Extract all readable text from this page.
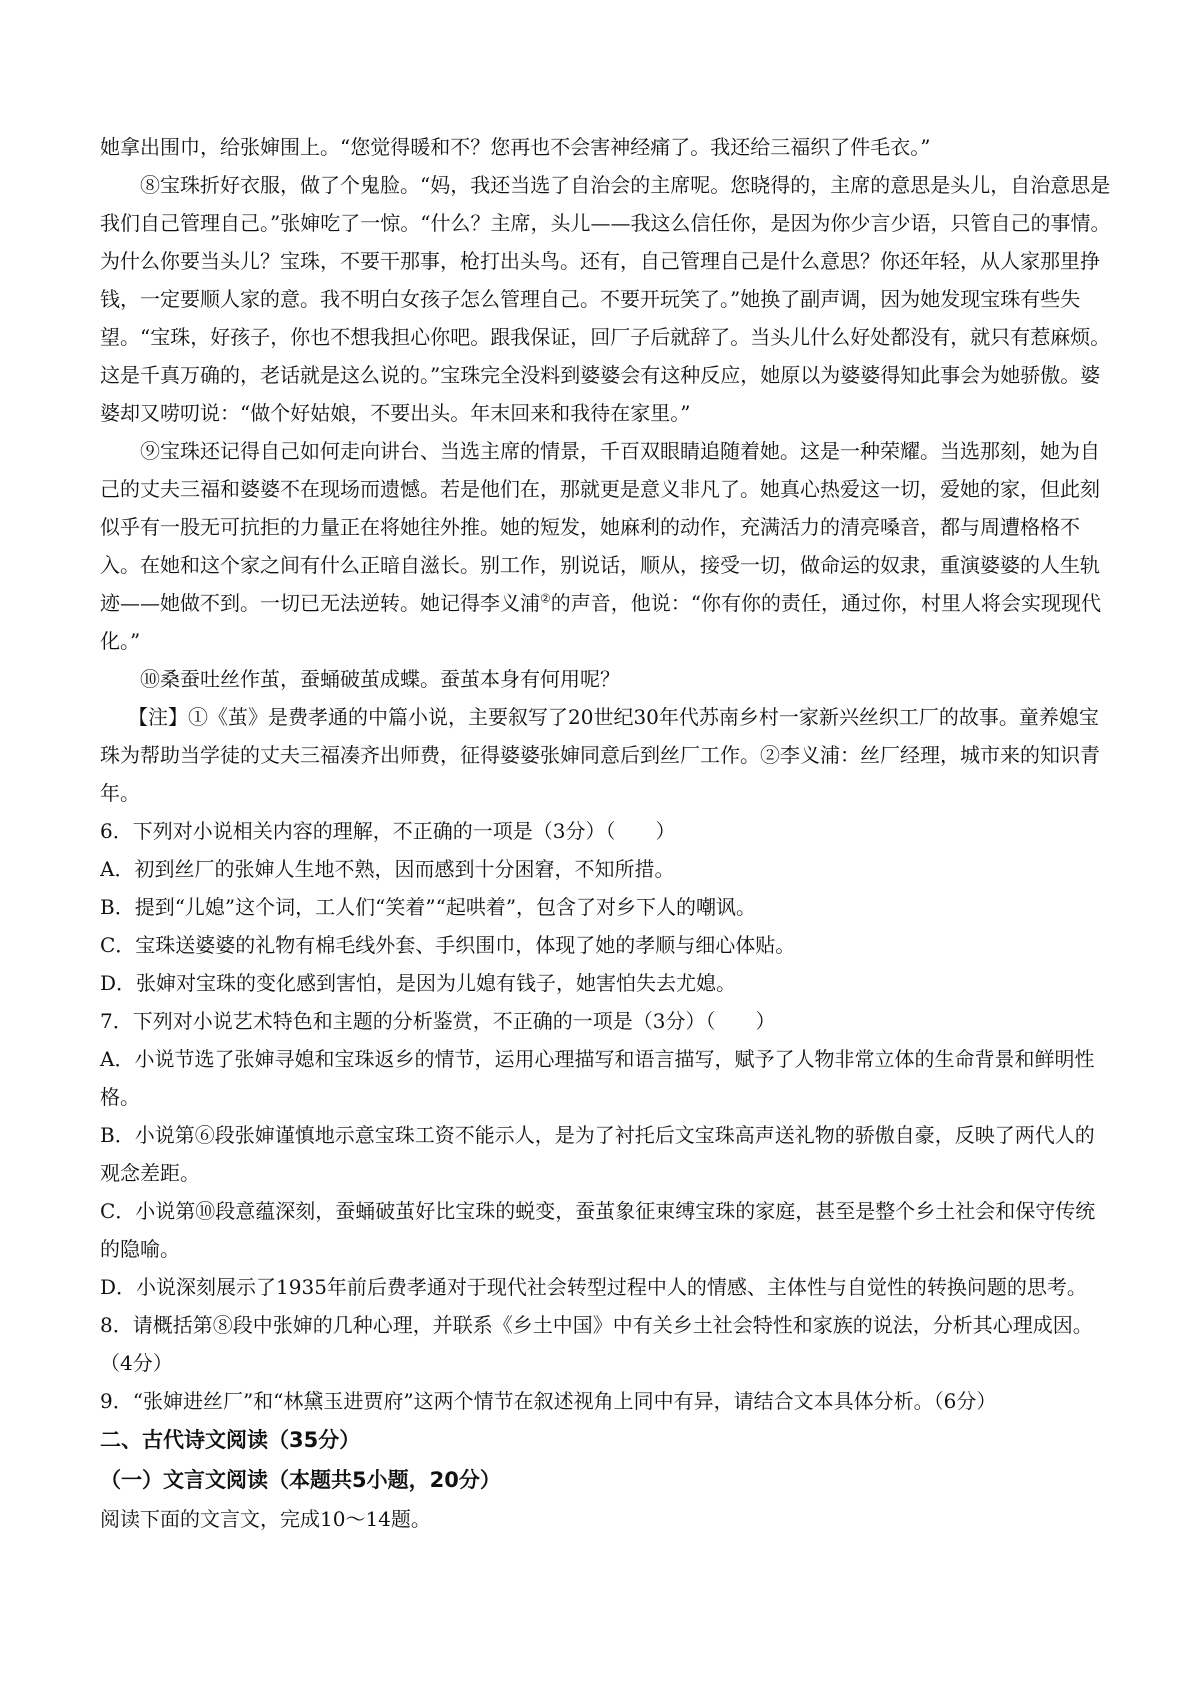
她拿出围巾，给张婶围上。“您觉得暖和不？您再也不会害神经痛了。我还给三福织了件毛衣。”

⑧宝珠折好衣服，做了个鬼脸。“妈，我还当选了自治会的主席呢。您晓得的，主席的意思是头儿，自治意思是我们自己管理自己。”张婶吃了一惊。“什么？主席，头儿——我这么信任你，是因为你少言少语，只管自己的事情。为什么你要当头儿？宝珠，不要干那事，枪打出头鸟。还有，自己管理自己是什么意思？你还年轻，从人家那里挣钱，一定要顺人家的意。我不明白女孩子怎么管理自己。不要开玩笑了。”她换了副声调，因为她发现宝珠有些失望。“宝珠，好孩子，你也不想我担心你吧。跟我保证，回厂子后就辞了。当头儿什么好处都没有，就只有惹麻烦。这是千真万确的，老话就是这么说的。”宝珠完全没料到婆婆会有这种反应，她原以为婆婆得知此事会为她骄傲。婆婆却又唠叨说：“做个好姑娘，不要出头。年末回来和我待在家里。”

⑨宝珠还记得自己如何走向讲台、当选主席的情景，千百双眼睛追随着她。这是一种荣耀。当选那刻，她为自己的丈夫三福和婆婆不在现场而遗憾。若是他们在，那就更是意义非凡了。她真心热爱这一切，爱她的家，但此刻似乎有一股无可抗拒的力量正在将她往外推。她的短发，她麻利的动作，充满活力的清亮嗓音，都与周遭格格不入。在她和这个家之间有什么正暗自滋长。别工作，别说话，顺从，接受一切，做命运的奴隶，重演婆婆的人生轨迹——她做不到。一切已无法逆转。她记得李义浦②的声音，他说：“你有你的责任，通过你，村里人将会实现现代化。”

⑩桑蚕吐丝作茧，蚕蛹破茧成蝶。蚕茧本身有何用呢？

【注】①《茧》是费孝通的中篇小说，主要叙写了20世纪30年代苏南乡村一家新兴丝织工厂的故事。童养媳宝珠为帮助当学徒的丈夫三福凑齐出师费，征得婆婆张婶同意后到丝厂工作。②李义浦：丝厂经理，城市来的知识青年。

6．下列对小说相关内容的理解，不正确的一项是（3分）（　　）

A．初到丝厂的张婶人生地不熟，因而感到十分困窘，不知所措。

B．提到“儿媳”这个词，工人们“笑着”“起哄着”，包含了对乡下人的嘲讽。

C．宝珠送婆婆的礼物有棉毛线外套、手织围巾，体现了她的孝顺与细心体贴。

D．张婶对宝珠的变化感到害怕，是因为儿媳有钱子，她害怕失去尤媳。

7．下列对小说艺术特色和主题的分析鉴赏，不正确的一项是（3分）（　　）

A．小说节选了张婶寻媳和宝珠返乡的情节，运用心理描写和语言描写，赋予了人物非常立体的生命背景和鲜明性格。

B．小说第⑥段张婶谨慎地示意宝珠工资不能示人，是为了衬托后文宝珠高声送礼物的骄傲自豪，反映了两代人的观念差距。

C．小说第⑩段意蕴深刻，蚕蛹破茧好比宝珠的蜕变，蚕茧象征束缚宝珠的家庭，甚至是整个乡土社会和保守传统的隐喻。

D．小说深刻展示了1935年前后费孝通对于现代社会转型过程中人的情感、主体性与自觉性的转换问题的思考。

8．请概括第⑧段中张婶的几种心理，并联系《乡土中国》中有关乡土社会特性和家族的说法，分析其心理成因。（4分）

9．“张婶进丝厂”和“林黛玉进贾府”这两个情节在叙述视角上同中有异，请结合文本具体分析。（6分）

二、古代诗文阅读（35分）

（一）文言文阅读（本题共5小题，20分）

阅读下面的文言文，完成10～14题。
